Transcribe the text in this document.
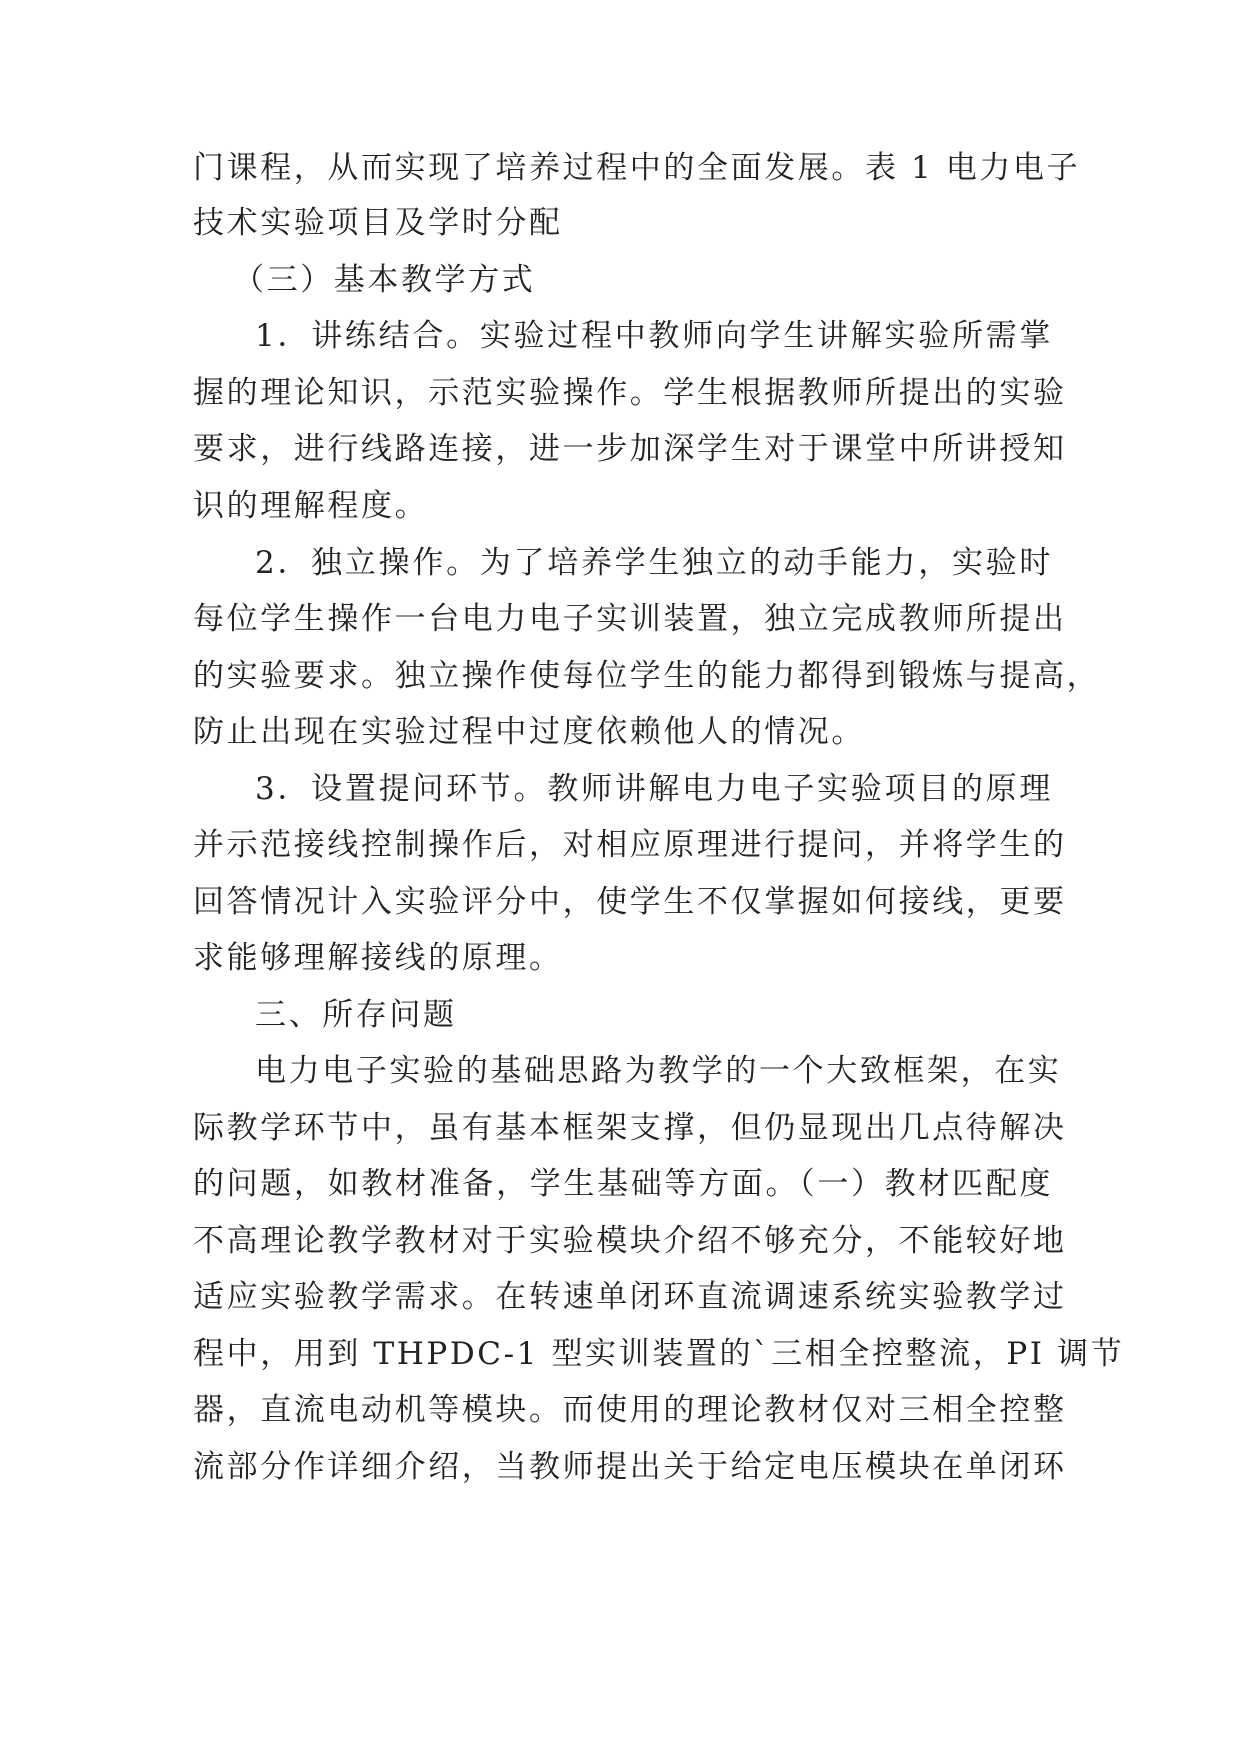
门课程，从而实现了培养过程中的全面发展。表 1 电力电子
技术实验项目及学时分配
（三）基本教学方式
1．讲练结合。实验过程中教师向学生讲解实验所需掌
握的理论知识，示范实验操作。学生根据教师所提出的实验
要求，进行线路连接，进一步加深学生对于课堂中所讲授知
识的理解程度。
2．独立操作。为了培养学生独立的动手能力，实验时
每位学生操作一台电力电子实训装置，独立完成教师所提出
的实验要求。独立操作使每位学生的能力都得到锻炼与提高，
防止出现在实验过程中过度依赖他人的情况。
3．设置提问环节。教师讲解电力电子实验项目的原理
并示范接线控制操作后，对相应原理进行提问，并将学生的
回答情况计入实验评分中，使学生不仅掌握如何接线，更要
求能够理解接线的原理。
三、所存问题
电力电子实验的基础思路为教学的一个大致框架，在实
际教学环节中，虽有基本框架支撑，但仍显现出几点待解决
的问题，如教材准备，学生基础等方面。（一）教材匹配度
不高理论教学教材对于实验模块介绍不够充分，不能较好地
适应实验教学需求。在转速单闭环直流调速系统实验教学过
程中，用到 THPDC-1 型实训装置的`三相全控整流，PI 调节
器，直流电动机等模块。而使用的理论教材仅对三相全控整
流部分作详细介绍，当教师提出关于给定电压模块在单闭环
